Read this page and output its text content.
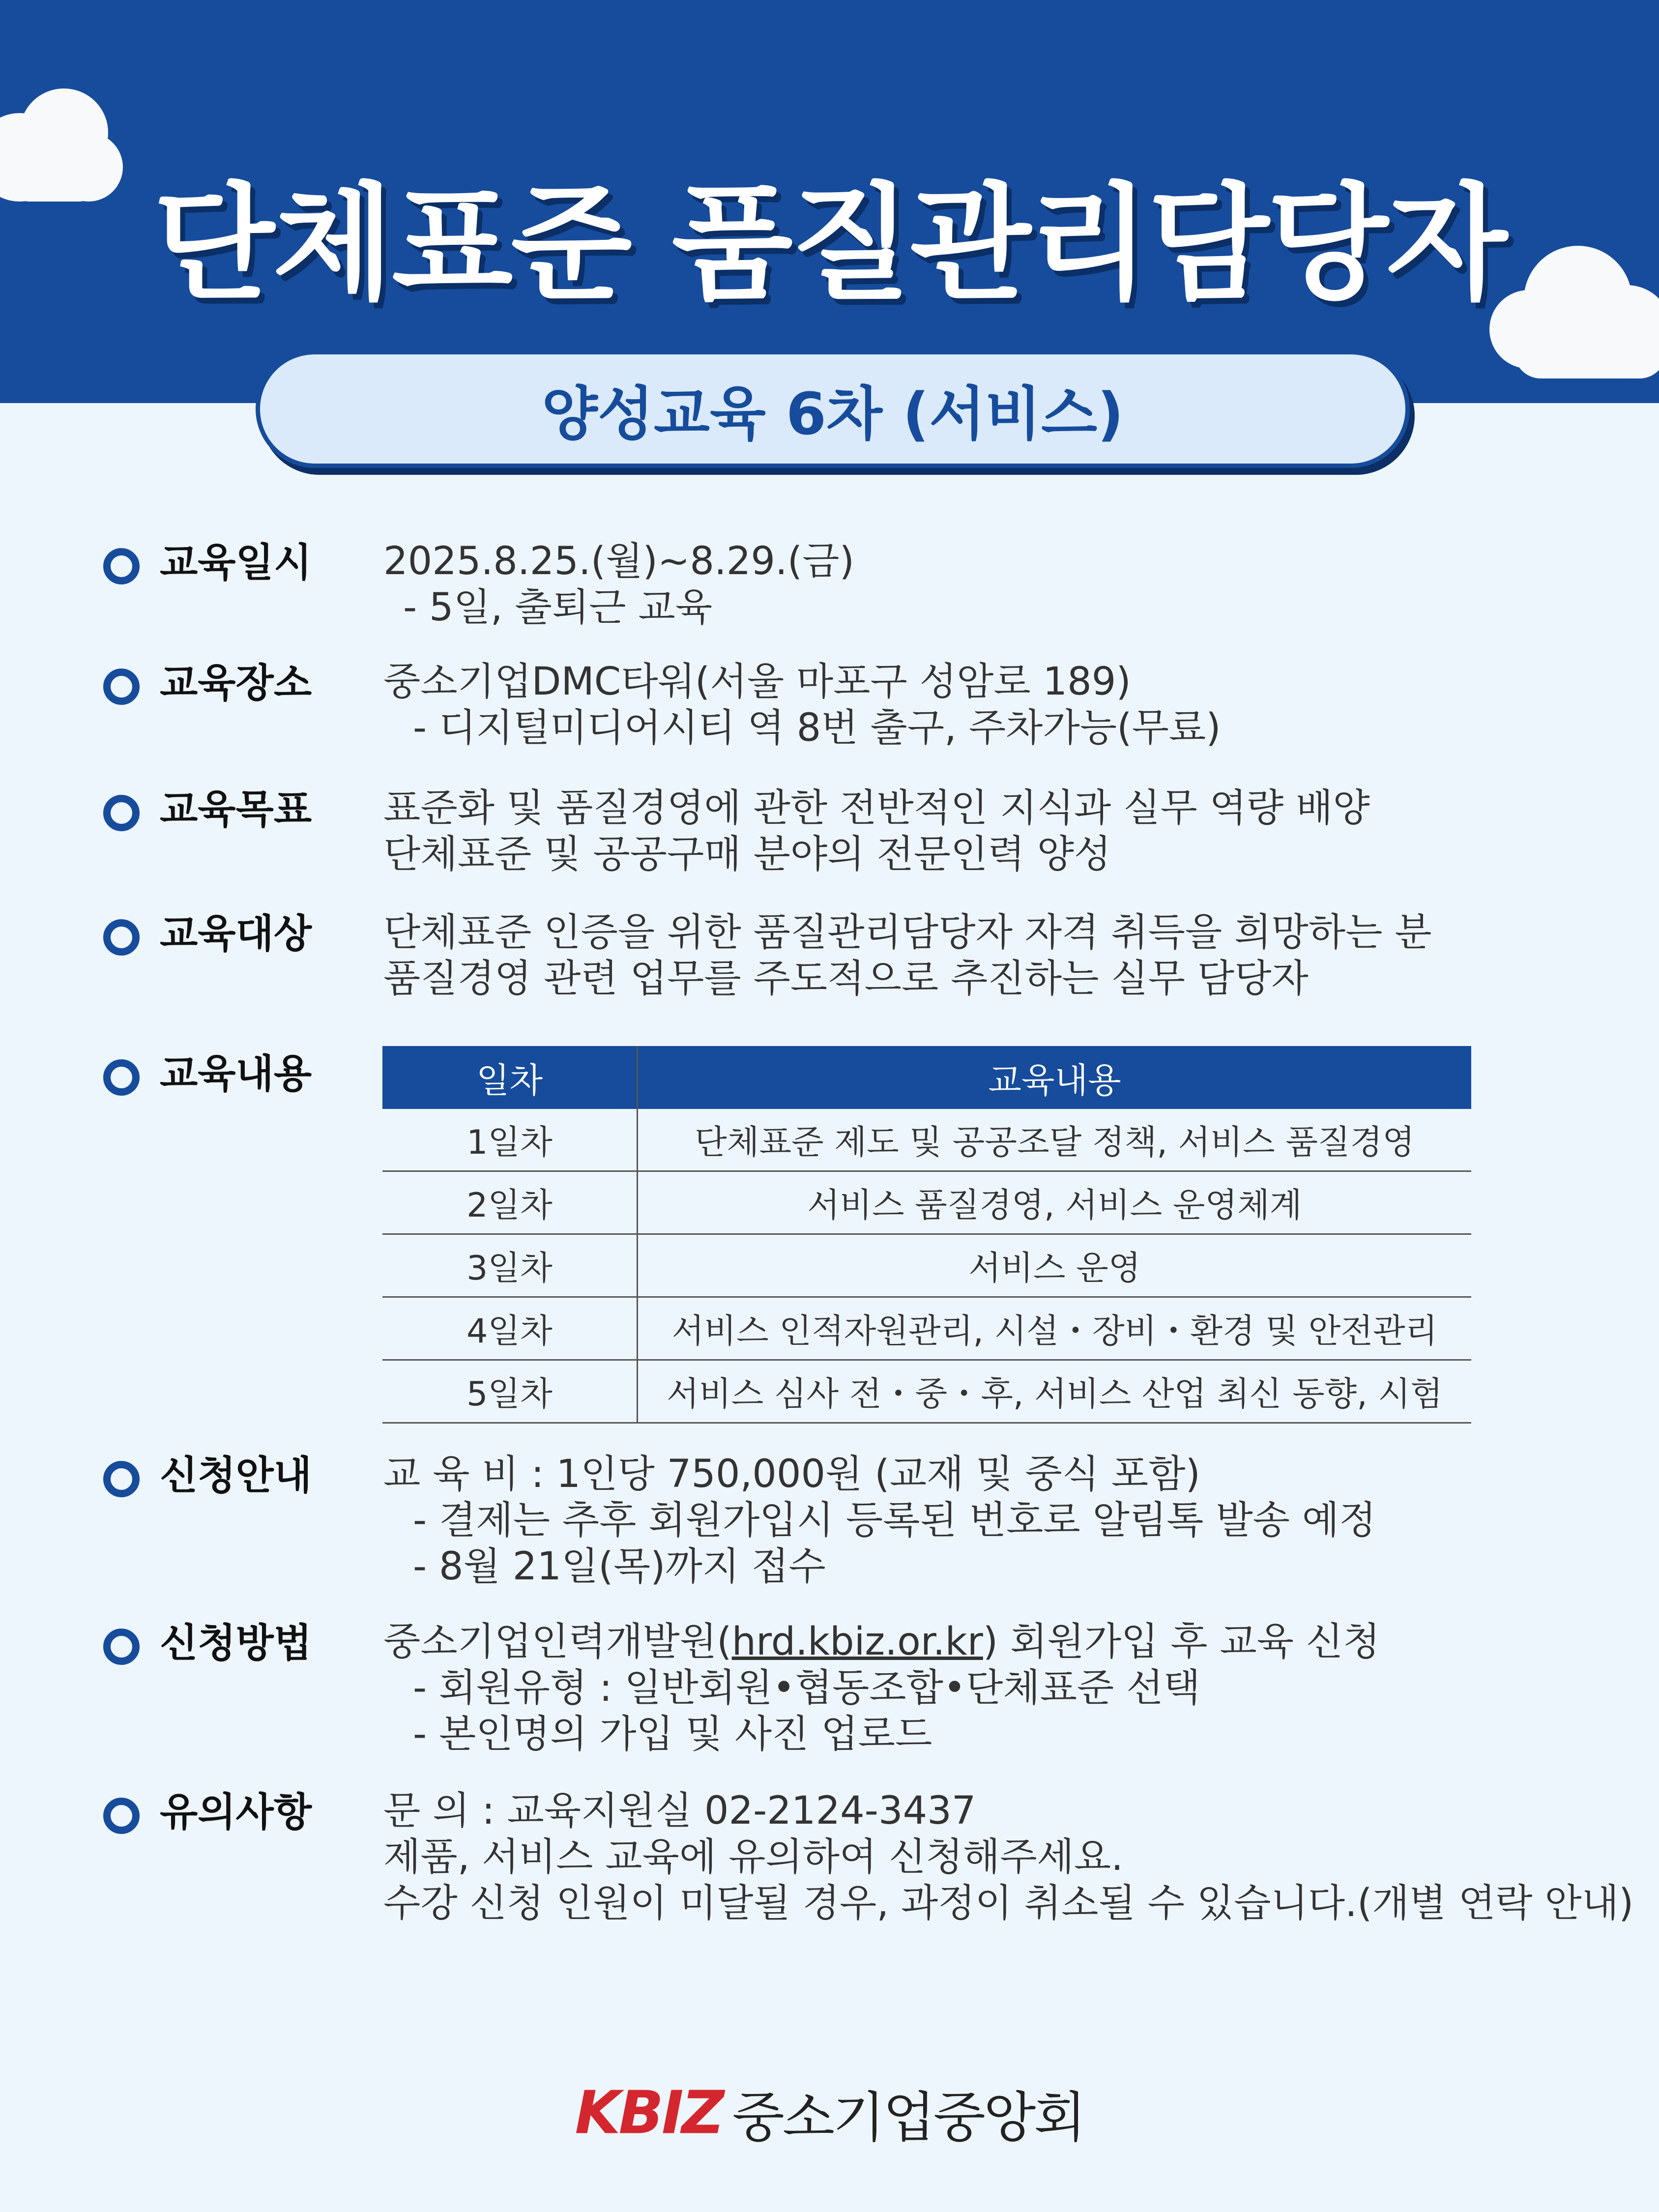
단체표준 품질관리담당자
양성교육 6차 (서비스)
교육일시 2025.8.25.(월)~8.29.(금)
- 5일, 출퇴근 교육
교육장소 중소기업DMC타워(서울 마포구 성암로 189)
- 디지털미디어시티 역 8번 출구, 주차가능(무료)
교육목표 표준화 및 품질경영에 관한 전반적인 지식과 실무 역량 배양
단체표준 및 공공구매 분야의 전문인력 양성
교육대상 단체표준 인증을 위한 품질관리담당자 자격 취득을 희망하는 분
품질경영 관련 업무를 주도적으로 추진하는 실무 담당자
교육내용	일차	교육내용
1일차	단체표준 제도 및 공공조달 정책, 서비스 품질경영
2일차	서비스 품질경영, 서비스 운영체계
3일차	서비스 운영
4일차	서비스 인적자원관리, 시설・장비・환경 및 안전관리
5일차	서비스 심사 전・중・후, 서비스 산업 최신 동향, 시험
신청안내 교 육 비 : 1인당 750,000원 (교재 및 중식 포함)
- 결제는 추후 회원가입시 등록된 번호로 알림톡 발송 예정
- 8월 21일(목)까지 접수
신청방법 중소기업인력개발원(hrd.kbiz.or.kr) 회원가입 후 교육 신청
- 회원유형 : 일반회원•협동조합•단체표준 선택
- 본인명의 가입 및 사진 업로드
유의사항 문 의 : 교육지원실 02-2124-3437
제품, 서비스 교육에 유의하여 신청해주세요.
수강 신청 인원이 미달될 경우, 과정이 취소될 수 있습니다.(개별 연락 안내)
KBIZ 중소기업중앙회
